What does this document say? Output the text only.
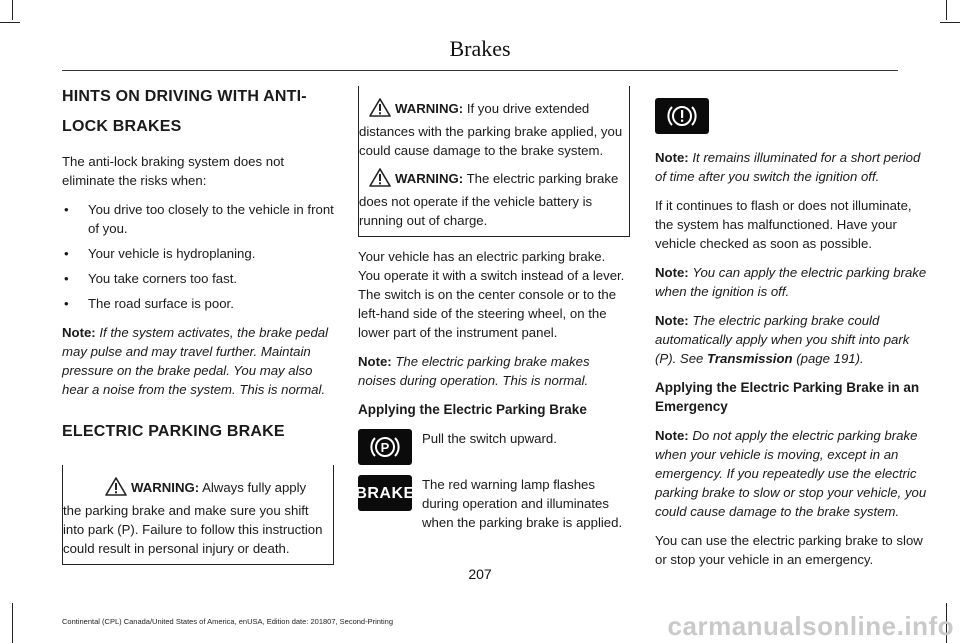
Brakes
HINTS ON DRIVING WITH ANTI-
LOCK BRAKES

The anti-lock braking system does not eliminate the risks when:

• You drive too closely to the vehicle in front of you.
• Your vehicle is hydroplaning.
• You take corners too fast.
• The road surface is poor.

Note: If the system activates, the brake pedal may pulse and may travel further. Maintain pressure on the brake pedal. You may also hear a noise from the system. This is normal.

ELECTRIC PARKING BRAKE

WARNING: Always fully apply the parking brake and make sure you shift into park (P). Failure to follow this instruction could result in personal injury or death.

WARNING: If you drive extended distances with the parking brake applied, you could cause damage to the brake system.

WARNING: The electric parking brake does not operate if the vehicle battery is running out of charge.

Your vehicle has an electric parking brake. You operate it with a switch instead of a lever. The switch is on the center console or to the left-hand side of the steering wheel, on the lower part of the instrument panel.

Note: The electric parking brake makes noises during operation. This is normal.

Applying the Electric Parking Brake
P
Pull the switch upward.
BRAKE The red warning lamp flashes during operation and illuminates when the parking brake is applied.

Note: It remains illuminated for a short period of time after you switch the ignition off.

If it continues to flash or does not illuminate, the system has malfunctioned. Have your vehicle checked as soon as possible.

Note: You can apply the electric parking brake when the ignition is off.

Note: The electric parking brake could automatically apply when you shift into park (P). See Transmission (page 191).

Applying the Electric Parking Brake in an Emergency

Note: Do not apply the electric parking brake when your vehicle is moving, except in an emergency. If you repeatedly use the electric parking brake to slow or stop your vehicle, you could cause damage to the brake system.

You can use the electric parking brake to slow or stop your vehicle in an emergency.

207
Continental (CPL) Canada/United States of America, enUSA, Edition date: 201807, Second-Printing	carmanualsonline.info
